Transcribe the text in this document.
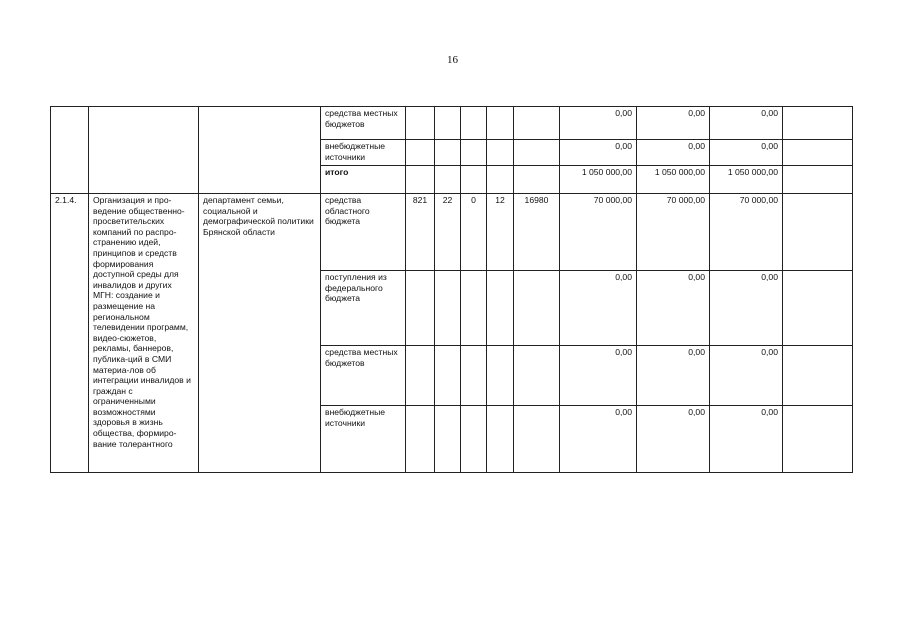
16
			средства местных бюджетов						0,00	0,00	0,00	
			внебюджетные источники						0,00	0,00	0,00	
			итого						1 050 000,00	1 050 000,00	1 050 000,00	
2.1.4.	Организация и про-ведение общественно-просветительских компаний по распро-странению идей, принципов и средств формирования доступной среды для инвалидов и других МГН: создание и размещение на региональном телевидении программ, видео-сюжетов, рекламы, баннеров, публика-ций в СМИ материа-лов об интеграции инвалидов и граждан с ограниченными возможностями здоровья в жизнь общества, формиро-вание толерантного	департамент семьи, социальной и демографической политики Брянской области	средства областного бюджета	821	22	0	12	16980	70 000,00	70 000,00	70 000,00	
			поступления из федерального бюджета						0,00	0,00	0,00	
			средства местных бюджетов						0,00	0,00	0,00	
			внебюджетные источники						0,00	0,00	0,00	
